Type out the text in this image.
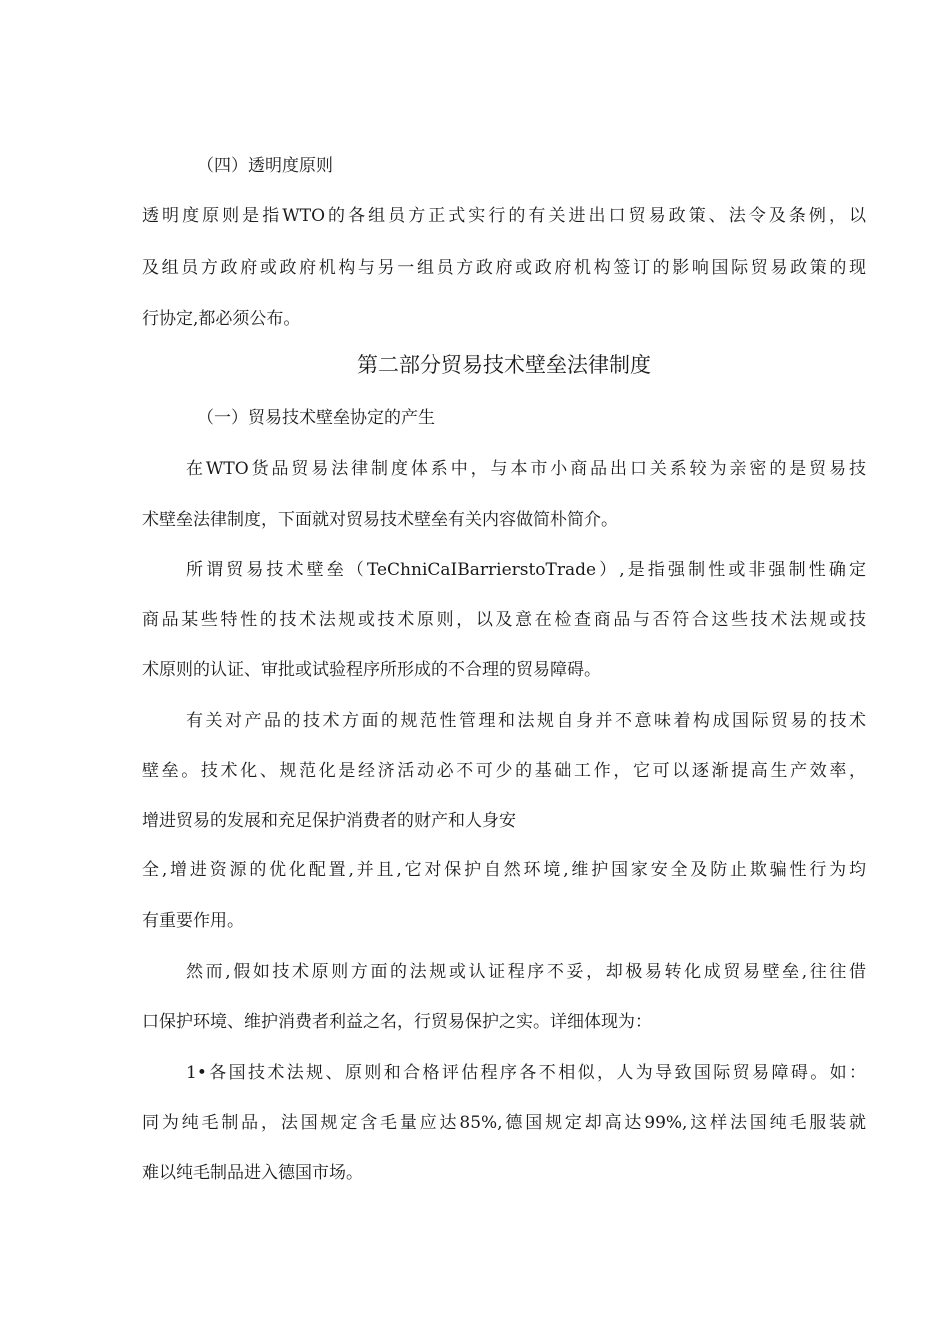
（四）透明度原则
透明度原则是指WTO的各组员方正式实行的有关进出口贸易政策、法令及条例，以
及组员方政府或政府机构与另一组员方政府或政府机构签订的影响国际贸易政策的现
行协定,都必须公布。
第二部分贸易技术壁垒法律制度
（一）贸易技术壁垒协定的产生
在WTO货品贸易法律制度体系中，与本市小商品出口关系较为亲密的是贸易技
术壁垒法律制度，下面就对贸易技术壁垒有关内容做简朴简介。
所谓贸易技术壁垒（TeChniCaIBarrierstoTrade）,是指强制性或非强制性确定
商品某些特性的技术法规或技术原则，以及意在检查商品与否符合这些技术法规或技
术原则的认证、审批或试验程序所形成的不合理的贸易障碍。
有关对产品的技术方面的规范性管理和法规自身并不意味着构成国际贸易的技术
壁垒。技术化、规范化是经济活动必不可少的基础工作，它可以逐渐提高生产效率，
增进贸易的发展和充足保护消费者的财产和人身安
全,增进资源的优化配置,并且,它对保护自然环境,维护国家安全及防止欺骗性行为均
有重要作用。
然而,假如技术原则方面的法规或认证程序不妥，却极易转化成贸易壁垒,往往借
口保护环境、维护消费者利益之名，行贸易保护之实。详细体现为：
1•各国技术法规、原则和合格评估程序各不相似，人为导致国际贸易障碍。如：
同为纯毛制品，法国规定含毛量应达85%,德国规定却高达99%,这样法国纯毛服装就
难以纯毛制品进入德国市场。
